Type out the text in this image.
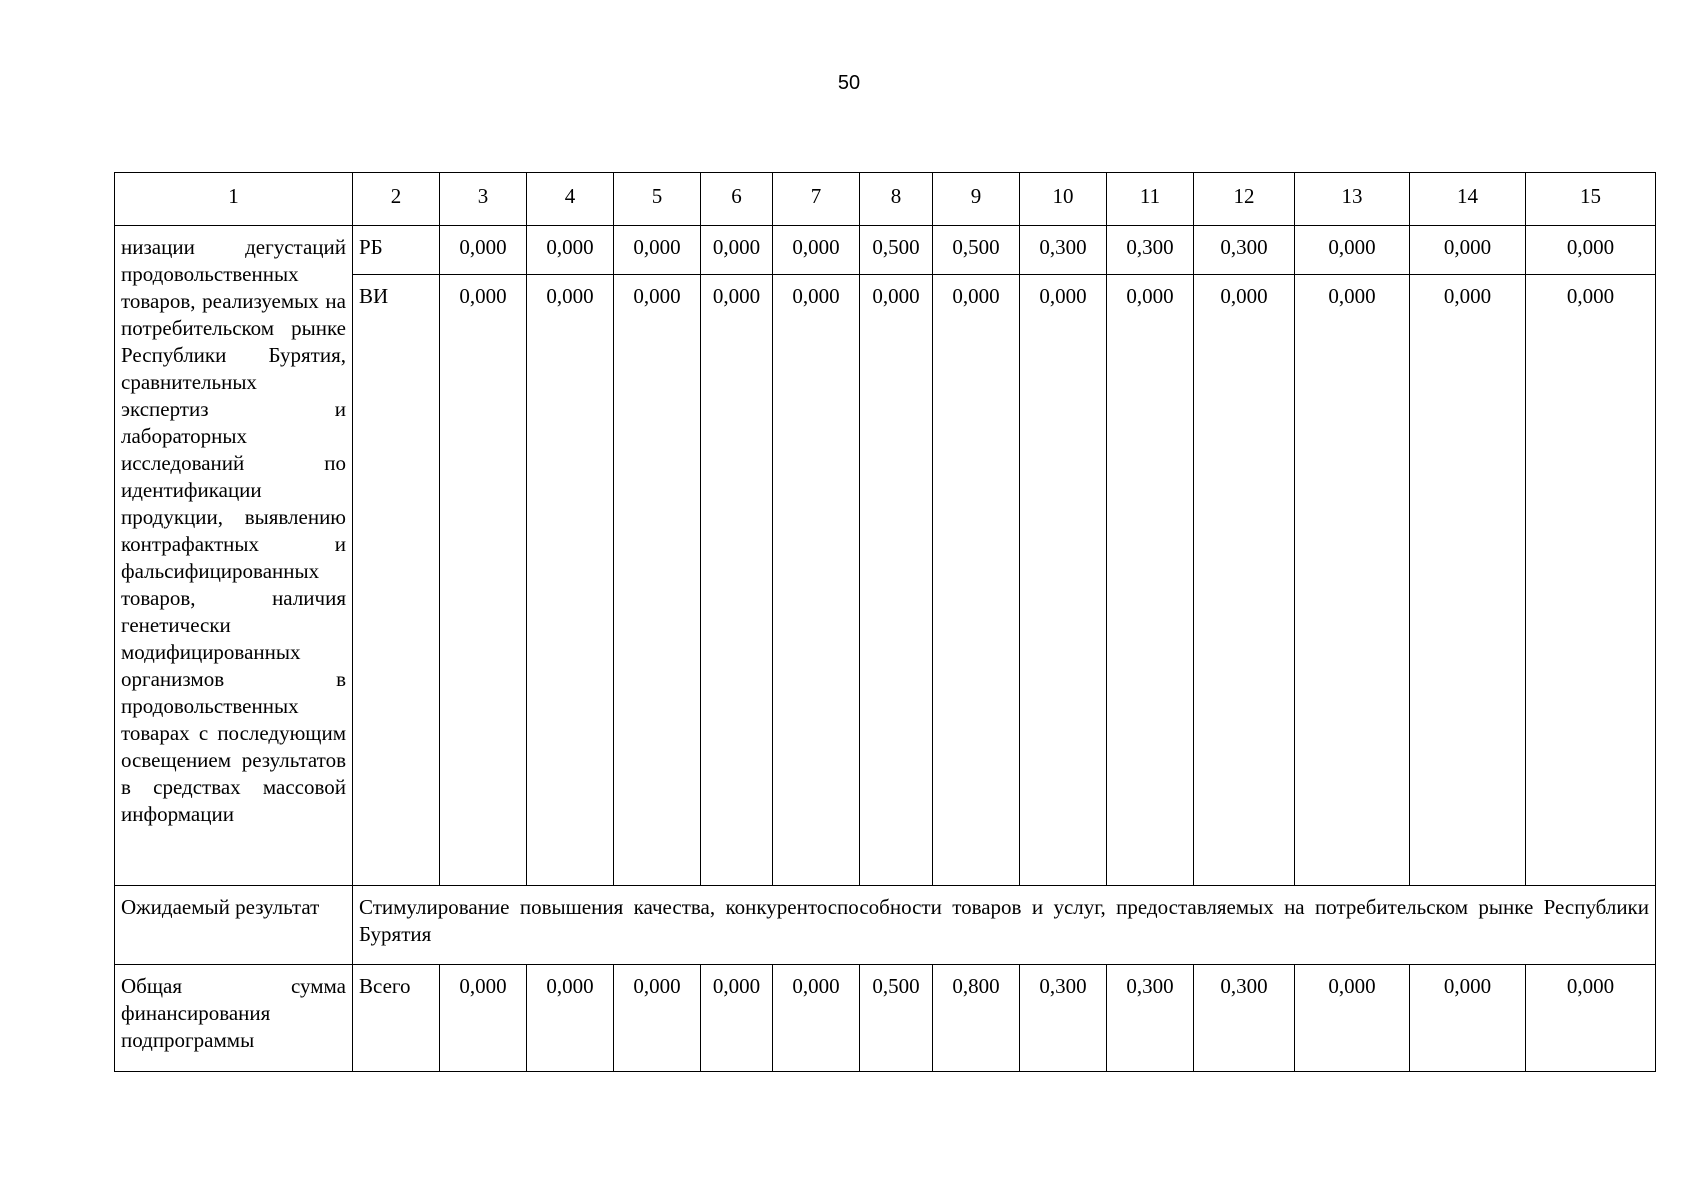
50
1	2	3	4	5	6	7	8	9	10	11	12	13	14	15
низации дегустаций продовольственных товаров, реализуемых на потребительском рынке Республики Бурятия, сравнительных экспертиз и лабораторных исследований по идентификации продукции, выявлению контрафактных и фальсифицированных товаров, наличия генетически модифицированных организмов в продовольственных товарах с последующим освещением результатов в средствах массовой информации	РБ	0,000	0,000	0,000	0,000	0,000	0,500	0,500	0,300	0,300	0,300	0,000	0,000	0,000
	ВИ	0,000	0,000	0,000	0,000	0,000	0,000	0,000	0,000	0,000	0,000	0,000	0,000	0,000
Ожидаемый результат	Стимулирование повышения качества, конкурентоспособности товаров и услуг, предоставляемых на потребительском рынке Республики Бурятия													
Общая сумма финансирования подпрограммы	Всего	0,000	0,000	0,000	0,000	0,000	0,500	0,800	0,300	0,300	0,300	0,000	0,000	0,000
